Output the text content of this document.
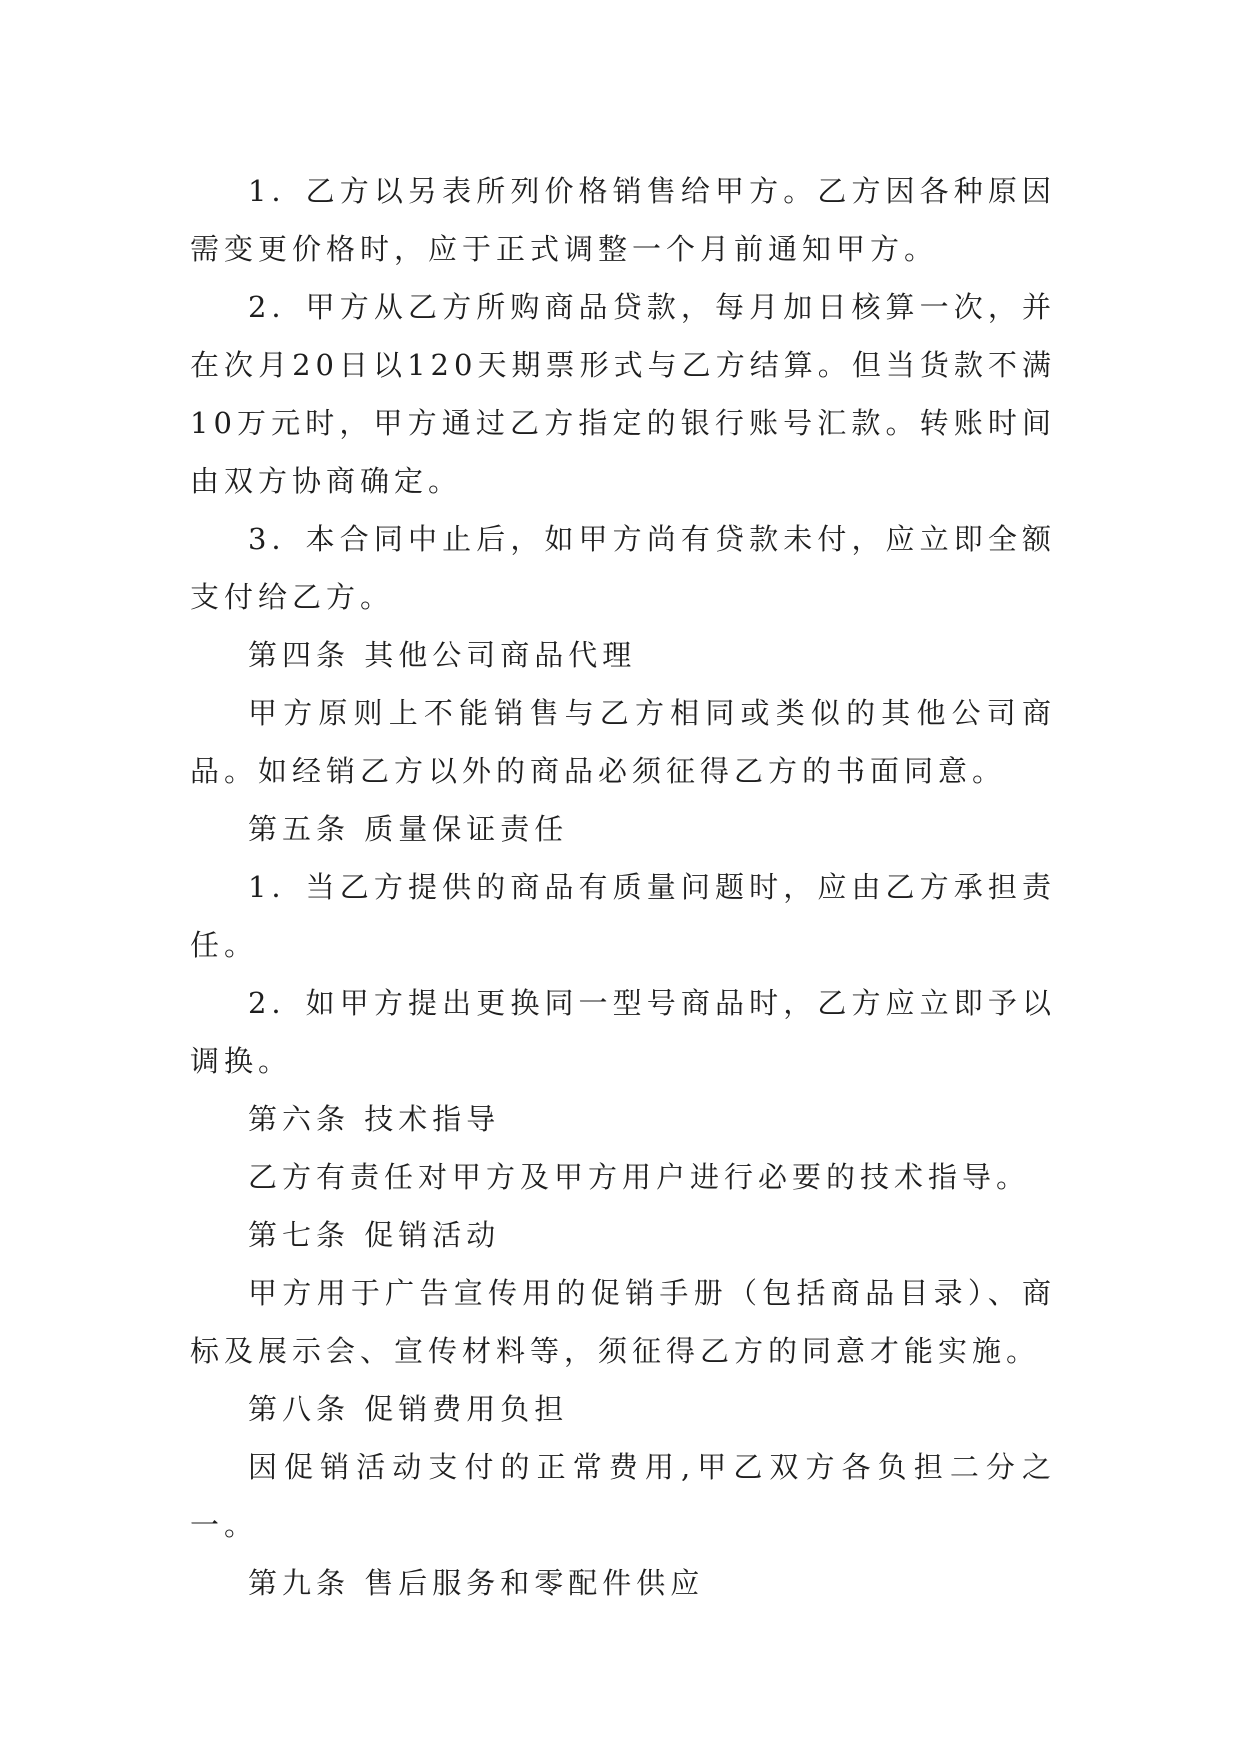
1．乙方以另表所列价格销售给甲方。乙方因各种原因需变更价格时，应于正式调整一个月前通知甲方。

2．甲方从乙方所购商品贷款，每月加日核算一次，并在次月20日以120天期票形式与乙方结算。但当货款不满10万元时，甲方通过乙方指定的银行账号汇款。转账时间由双方协商确定。

3．本合同中止后，如甲方尚有贷款未付，应立即全额支付给乙方。

第四条 其他公司商品代理

甲方原则上不能销售与乙方相同或类似的其他公司商品。如经销乙方以外的商品必须征得乙方的书面同意。

第五条 质量保证责任

1．当乙方提供的商品有质量问题时，应由乙方承担责任。

2．如甲方提出更换同一型号商品时，乙方应立即予以调换。

第六条 技术指导

乙方有责任对甲方及甲方用户进行必要的技术指导。

第七条 促销活动

甲方用于广告宣传用的促销手册（包括商品目录）、商标及展示会、宣传材料等，须征得乙方的同意才能实施。

第八条 促销费用负担

因促销活动支付的正常费用,甲乙双方各负担二分之一。

第九条 售后服务和零配件供应
